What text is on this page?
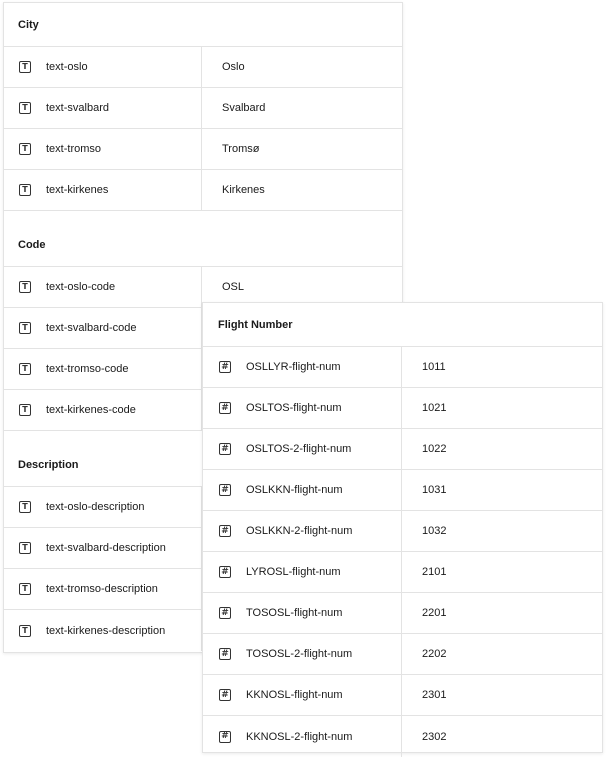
City
T text-oslo	Oslo
T text-svalbard	Svalbard
T text-tromso	Tromsø
T text-kirkenes	Kirkenes
Code
T text-oslo-code	OSL
T text-svalbard-code
T text-tromso-code
T text-kirkenes-code
Description
T text-oslo-description
T text-svalbard-description
T text-tromso-description
T text-kirkenes-description
Flight Number
# OSLLYR-flight-num	1011
# OSLTOS-flight-num	1021
# OSLTOS-2-flight-num	1022
# OSLKKN-flight-num	1031
# OSLKKN-2-flight-num	1032
# LYROSL-flight-num	2101
# TOSOSL-flight-num	2201
# TOSOSL-2-flight-num	2202
# KKNOSL-flight-num	2301
# KKNOSL-2-flight-num	2302
